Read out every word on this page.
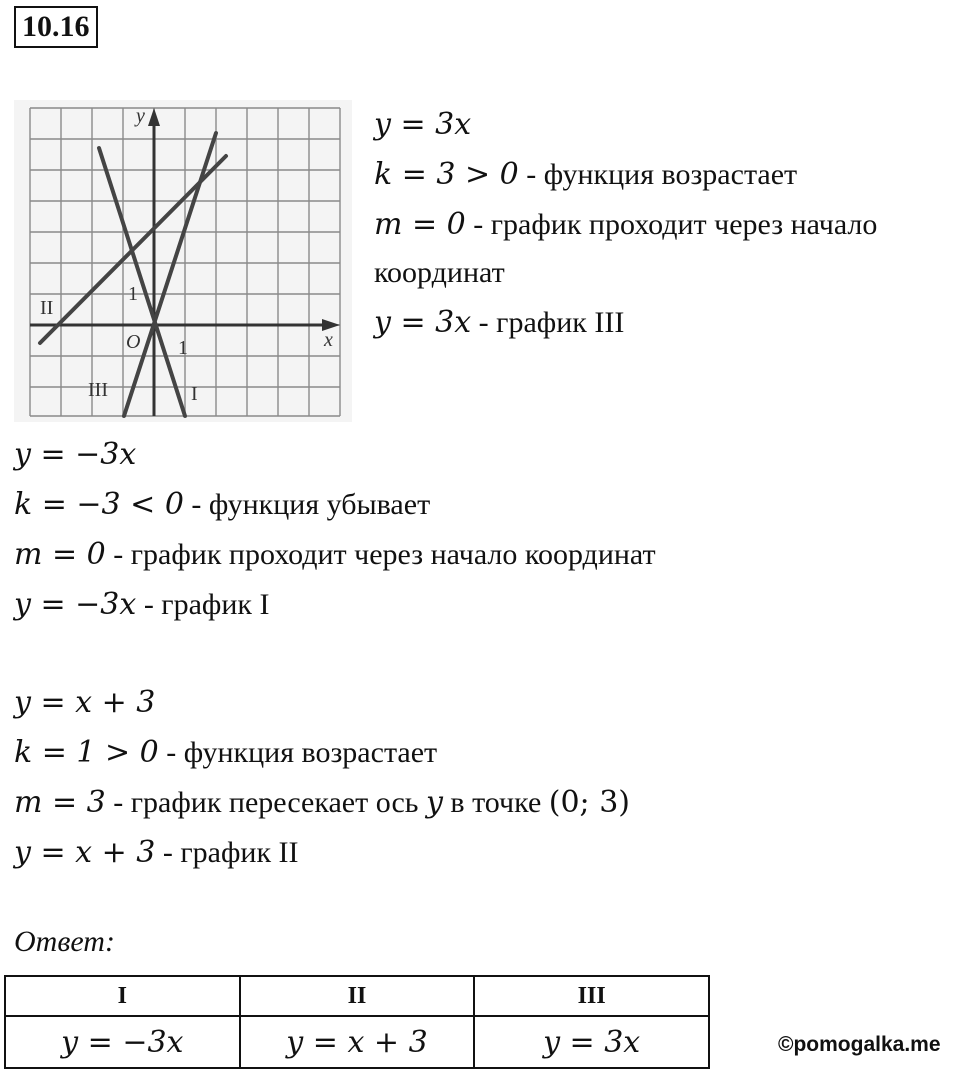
10.16
y
x
O 1
1
II
III	I
y = 3x
k = 3 > 0 - функция возрастает
m = 0 - график проходит через начало
координат
y = 3x - график III
y = −3x
k = −3 < 0 - функция убывает
m = 0 - график проходит через начало координат
y = −3x - график I
y = x + 3
k = 1 > 0 - функция возрастает
m = 3 - график пересекает ось y в точке (0; 3)
y = x + 3 - график II
Ответ:
I	II	III
y = −3x	y = x + 3	y = 3x	©pomogalka.me
